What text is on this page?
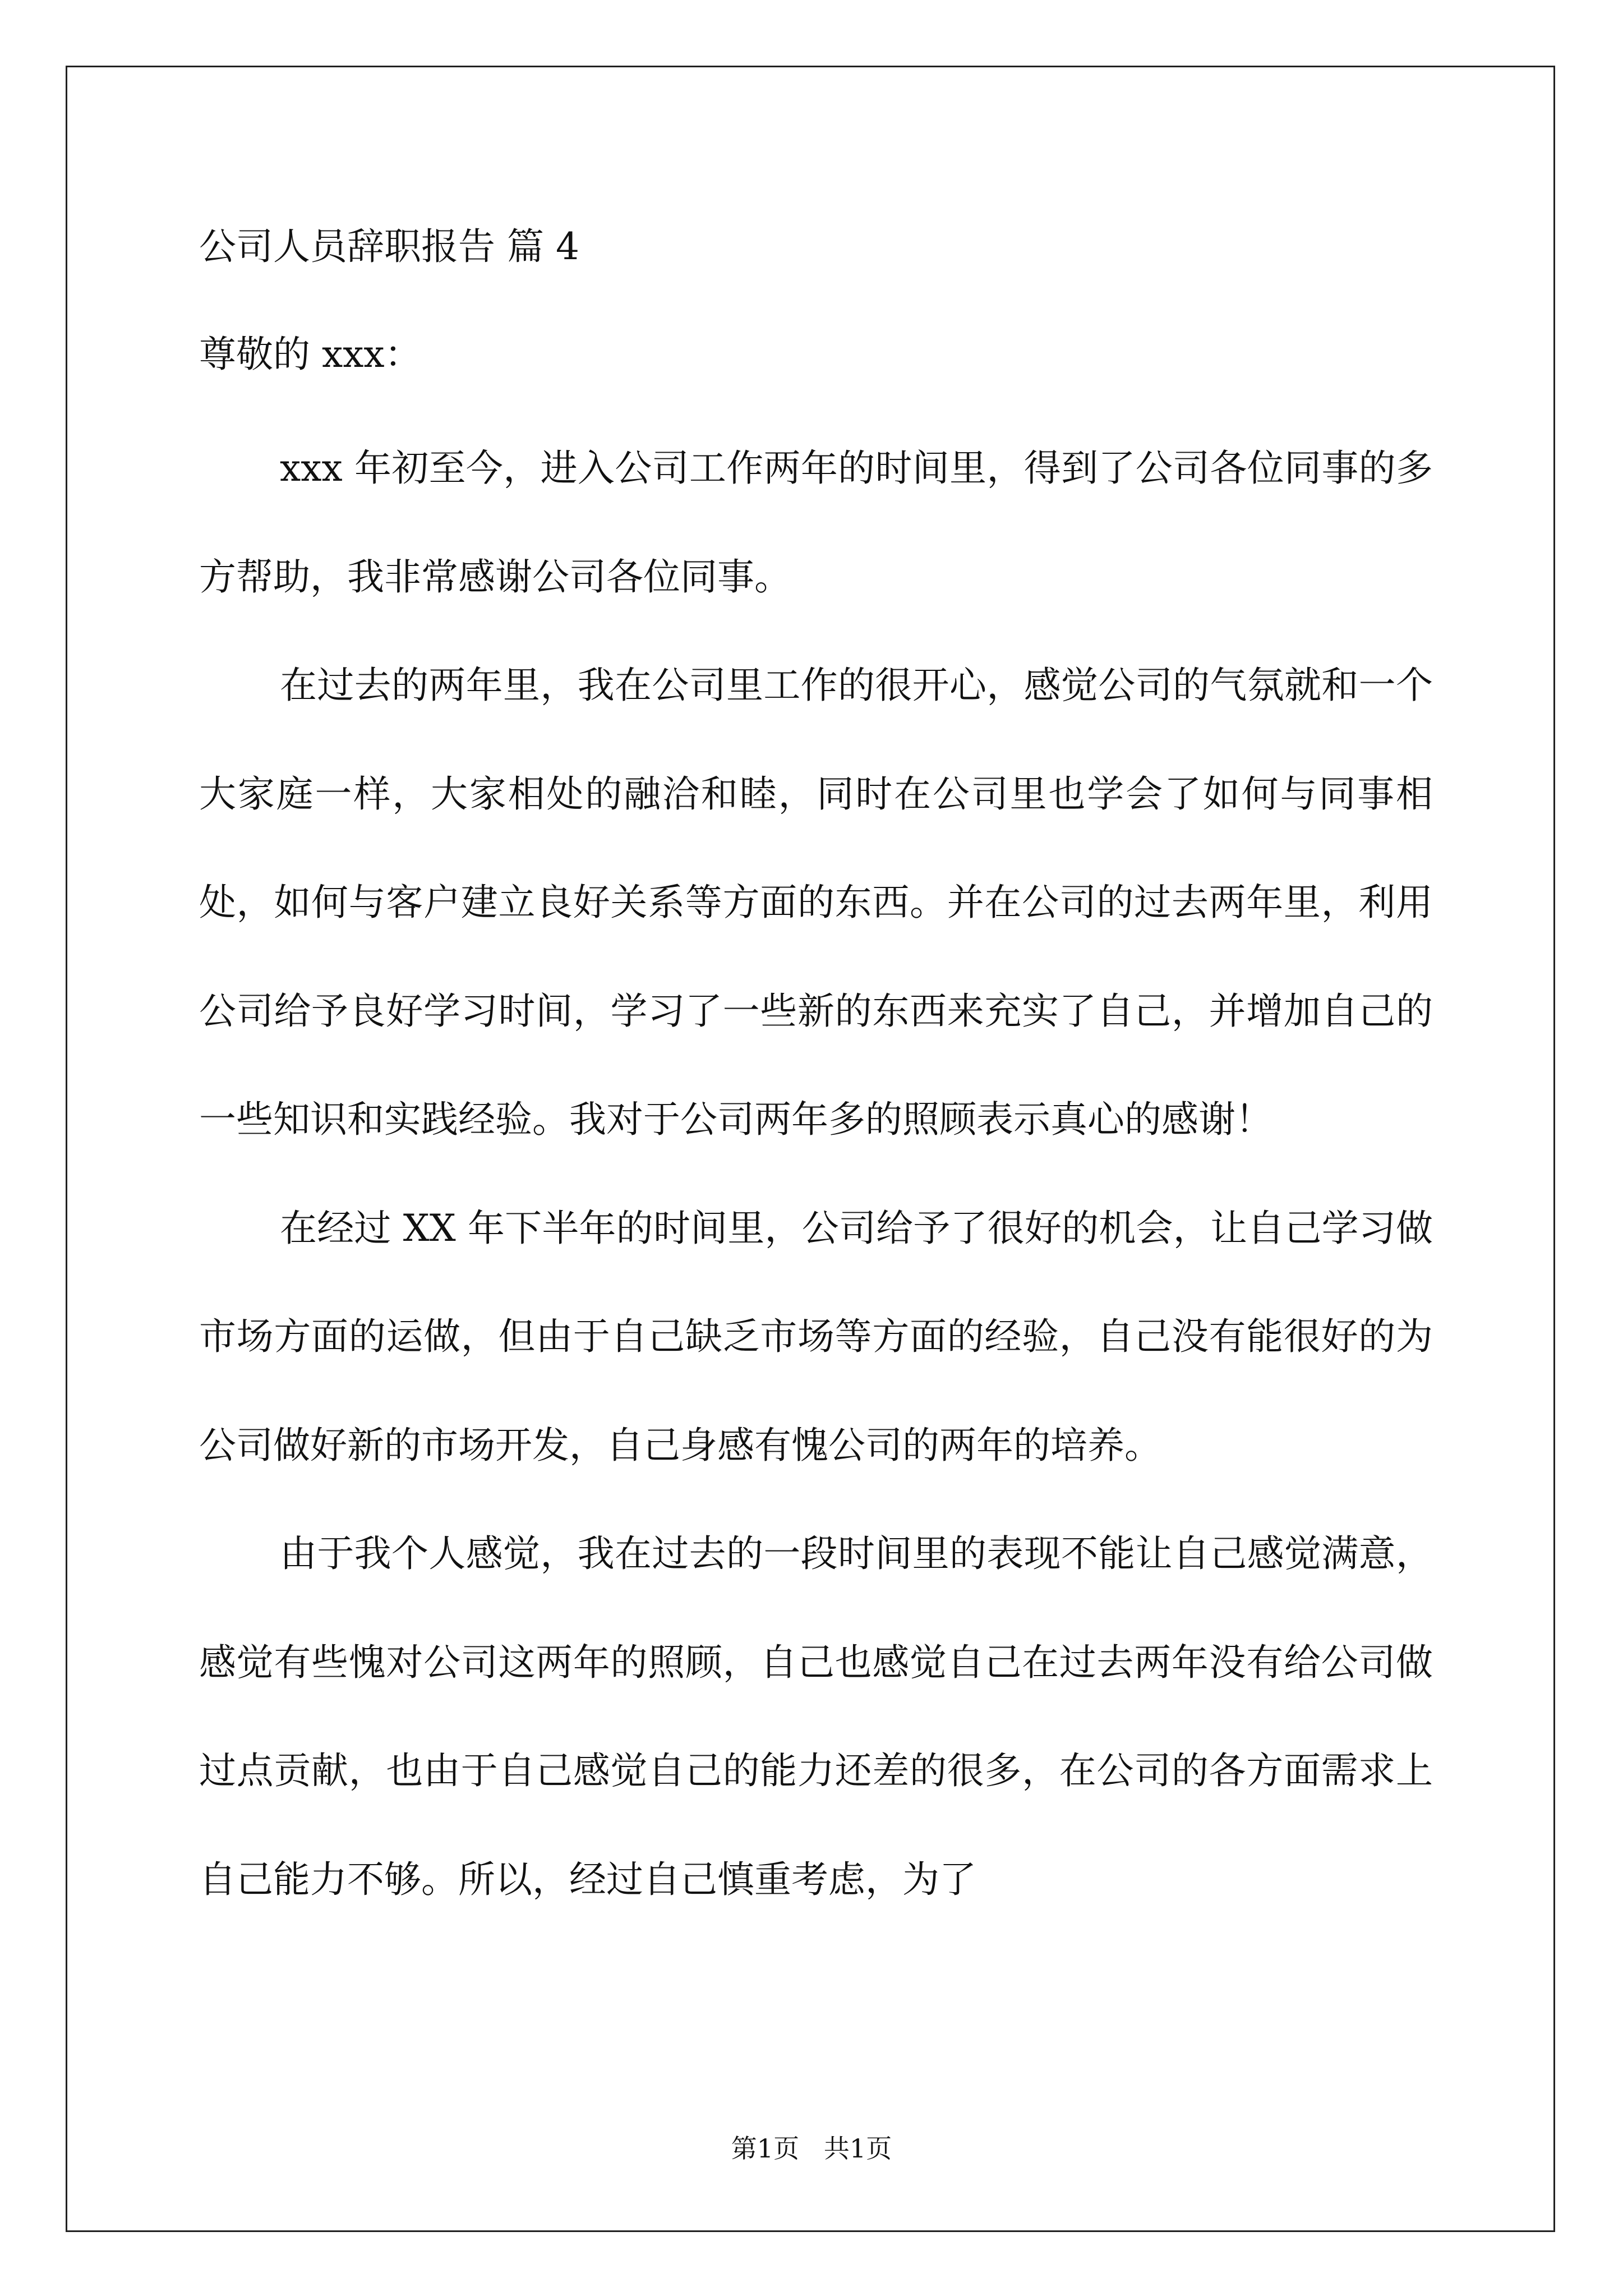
公司人员辞职报告 篇 4
尊敬的 xxx：

xxx 年初至今，进入公司工作两年的时间里，得到了公司各位同事的多方帮助，我非常感谢公司各位同事。

在过去的两年里，我在公司里工作的很开心，感觉公司的气氛就和一个大家庭一样，大家相处的融洽和睦，同时在公司里也学会了如何与同事相处，如何与客户建立良好关系等方面的东西。并在公司的过去两年里，利用公司给予良好学习时间，学习了一些新的东西来充实了自己，并增加自己的一些知识和实践经验。我对于公司两年多的照顾表示真心的感谢！

在经过 XX 年下半年的时间里，公司给予了很好的机会，让自己学习做市场方面的运做，但由于自己缺乏市场等方面的经验，自己没有能很好的为公司做好新的市场开发，自己身感有愧公司的两年的培养。

由于我个人感觉，我在过去的一段时间里的表现不能让自己感觉满意，感觉有些愧对公司这两年的照顾，自己也感觉自己在过去两年没有给公司做过点贡献，也由于自己感觉自己的能力还差的很多，在公司的各方面需求上自己能力不够。所以，经过自己慎重考虑，为了

第1页   共1页
